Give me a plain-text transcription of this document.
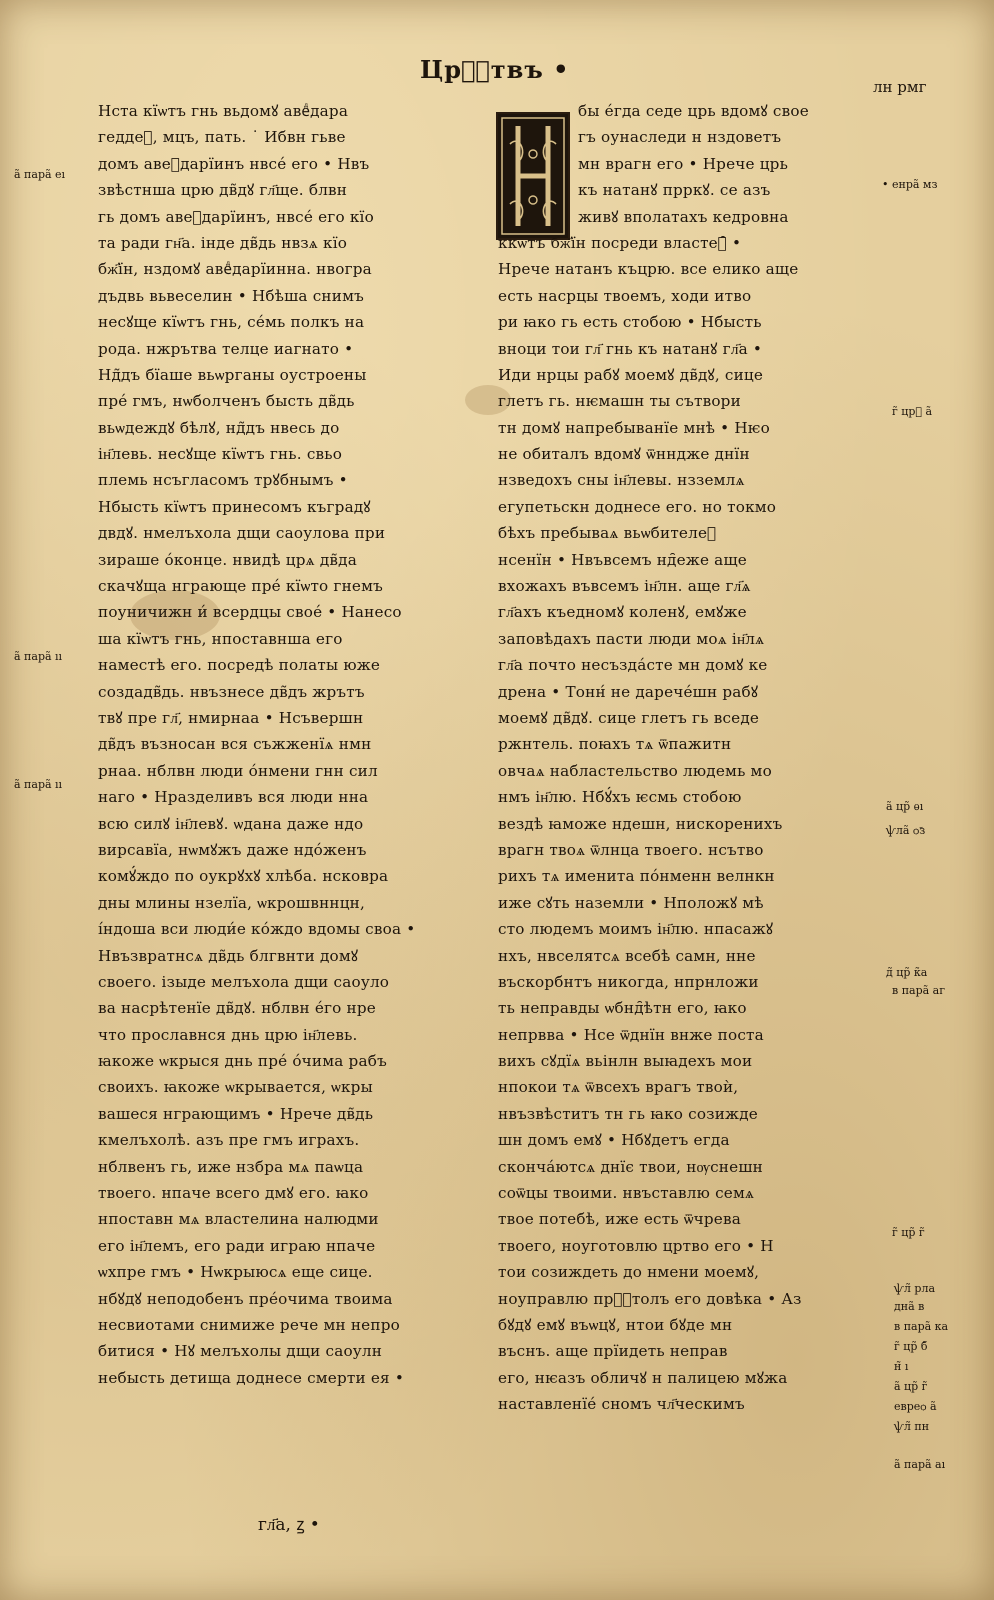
Црⷭ҇твъ •
лн рмг
Нста кїѡтъ гнь вьдомꙋ авеⷣдара
геддеⷷ, мцъ, пать. ˙ Ибвн гьве
домъ авеⷣдарїинъ нвсе́ его • Нвъ
звѣстнша црю дв̃дꙋ гл҃ще. блвн
гь домъ авеⷣдарїинъ, нвсе́ его кїо
та ради гн҃а. інде дв̃дь нвзѧ кїо
бж҃їн, нздомꙋ авеⷣдарїинна. нвогра
дъдвь вьвеселин • Нбѣша снимъ
несꙋще кїѡтъ гнь, се́мь полкъ на
рода. нжрътва телце иагнато •
Нд̃дъ бїаше вьѡрганы оустроены
пре́ гмъ, нѡболченъ бысть дв̃дь
вьѡдеждꙋ бѣлꙋ, нд̃дъ нвесь до
ін҃левь. несꙋще кїѡтъ гнь. свьо
племь нсъгласомъ трꙋбнымъ •
Нбысть кїѡтъ принесомъ къградꙋ
двдꙋ. нмелъхола дщи саоулова при
зираше о́конце. нвидѣ црѧ дв̃да
скачꙋща нграюще пре́ кїѡто гнемъ
поуничижн и́ всердцы свое́ • Нанесо
ша кїѡтъ гнь, нпоставнша его
наместѣ его. посредѣ полаты юже
создадв̃дь. нвъзнесе дв̃дъ жрътъ
твꙋ пре гл҃, нмирнаа • Нсъвершн
дв̃дъ възносан вся съжженїѧ нмн
рнаа. нблвн люди о́нмени гнн сил
наго • Нразделивъ вся люди нна
всю силꙋ ін҃левꙋ. ѡдана даже ндо
вирсавїа, нѡмꙋжъ даже ндо́женъ
комꙋ́ждо по оукрꙋхꙋ хлѣба. нсковра
дны млины нзелїа, ѡкрошвннцн,
і́ндоша вси люди́е ко́ждо вдомы своа •
Нвъзвратнсѧ дв̃дь блгвнти домꙋ
своего. ізыде мелъхола дщи саоуло
ва насрѣтенїе дв̃дꙋ. нблвн е́го нре
что прославнся днь црю ін҃левь.
ꙗкоже ѡкрыся днь пре́ о́чима рабъ
своихъ. ꙗкоже ѡкрывается, ѡкры
вашеся нграющимъ • Нрече дв̃дь
кмелъхолѣ. азъ пре гмъ играхъ.
нблвенъ гь, иже нзбра мѧ паѡца
твоего. нпаче всего дмꙋ его. ꙗко
нпоставн мѧ властелина налюдми
его ін҃лемъ, его ради играю нпаче
ѡхпре гмъ • Нѡкрыюсѧ еще сице.
нбꙋдꙋ неподобенъ пре́очима твоима
несвиотами снимиже рече мн непро
битися • Нꙋ мелъхолы дщи саоулн
небысть детища доднесе смерти ея •
бы е́гда седе црь вдомꙋ свое
гъ оунаследи н нздоветъ
мн врагн его • Нрече црь
къ натанꙋ прркꙋ. се азъ
живꙋ вполатахъ кедровна
ккѡтъ бж҃їн посреди властеⷩ̑ •
Нрече натанъ къцрю. все елико аще
есть насрцы твоемъ, ходи итво
ри ꙗко гь есть стобою • Нбысть
вноци тои гл҃ гнь къ натанꙋ гл҃а •
Иди нрцы рабꙋ моемꙋ дв̃дꙋ, сице
глетъ гь. нѥмашн ты сътвори
тн домꙋ напребыванїе мнѣ • Нѥо
не обиталъ вдомꙋ ѿнндже днїн
нзведохъ сны ін҃левы. нзземлѧ
егупетьскн доднесе его. но токмо
бѣхъ пребываѧ вьѡбителеⷯ
нсенїн • Нвъвсемъ нд̑еже аще
вхожахъ въвсемъ ін҃лн. аще гл҃ѧ
гл҃ахъ къедномꙋ коленꙋ, емꙋже
заповѣдахъ пасти люди моѧ ін҃лѧ
гл҃а почто несъзда́сте мн домꙋ ке
дрена • Тонн́ не дарече́шн рабꙋ
моемꙋ дв̃дꙋ. сице глетъ гь вседе
ржнтель. поꙗхъ тѧ ѿпажитн
овчаѧ набластельство людемь мо
нмъ ін҃лю. Нбꙋ́хъ ѥсмь стобою
вездѣ ꙗможе ндешн, нискоренихъ
врагн твоѧ ѿлнца твоего. нсътво
рихъ тѧ именита по́нменн велнкн
иже сꙋть наземли • Нположꙋ мѣ
сто людемъ моимъ ін҃лю. нпасажꙋ
нхъ, нвселятсѧ всебѣ самн, нне
въскорбнтъ никогда, нпрнложи
ть неправды ѡбнд̑ѣтн его, ꙗко
непрвва • Нсе ѿднїн внже поста
вихъ сꙋдїѧ вьінлн выꙗдехъ мои
нпокои тѧ ѿвсехъ врагъ твоѝ,
нвъзвѣститъ тн гь ꙗко созиждe
шн домъ емꙋ • Нбꙋдетъ егда
сконча́ютсѧ днїє твои, нѹснешн
соѿцы твоими. нвъставлю семѧ
твое потебѣ, иже есть ѿчрева
твоего, ноуготовлю цртво его • Н
тои созиждеть до нмени моемꙋ,
ноуправлю прⷭ҇толъ его довѣка • Аз
бꙋдꙋ емꙋ въѡцꙋ, нтои бꙋде мн
въснъ. аще прїидеть неправ
его, нѥазъ обличꙋ н палицею мꙋжа
наставленїе́ сномъ чл҃ческимъ
гл҃а, ꙁ •
а̃ пара̃ еı
а̃ пара̃ ıı
а̃ пара̃ ıı
• енра̃ мз
г̃ црⷪ а̃
а̃ цр̃ ѳı
ѱла̃ ѻ̃з
д̃ цр̃ к̃а
в пара̃ аг
г̃ цр̃ г̃
ѱл̃ рла
днã в
в пара̃ ка
г̃ цр̃ б̃
н̃ ı
а̃ цр̃ г̃
евреѻ а̃
ѱл̃ пн
а̃ пара̃ аı
